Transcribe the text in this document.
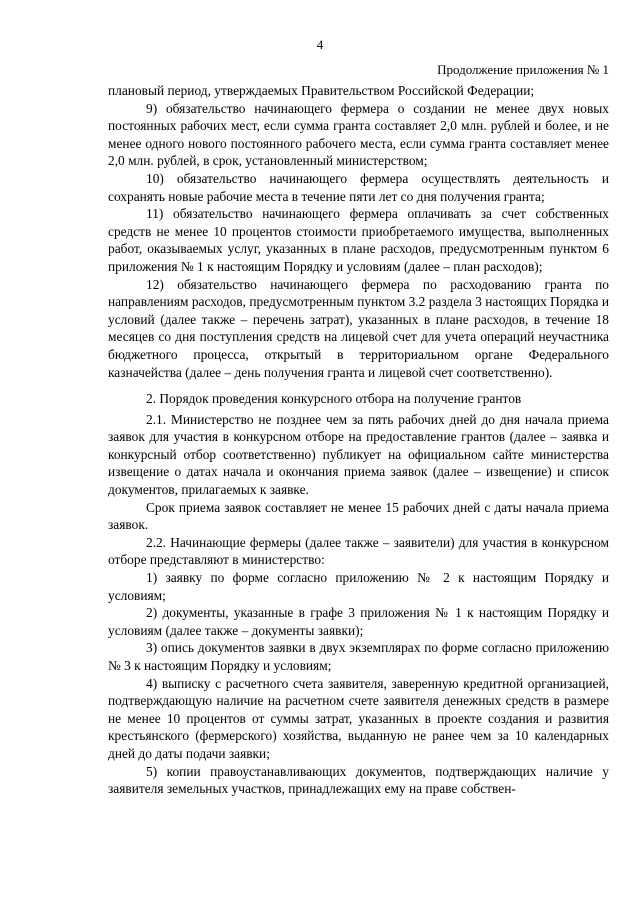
4
Продолжение приложения № 1

плановый период, утверждаемых Правительством Российской Федерации;

9) обязательство начинающего фермера о создании не менее двух новых постоянных рабочих мест, если сумма гранта составляет 2,0 млн. рублей и более, и не менее одного нового постоянного рабочего места, если сумма гранта составляет менее 2,0 млн. рублей, в срок, установленный министерством;

10) обязательство начинающего фермера осуществлять деятельность и сохранять новые рабочие места в течение пяти лет со дня получения гранта;

11) обязательство начинающего фермера оплачивать за счет собственных средств не менее 10 процентов стоимости приобретаемого имущества, выполненных работ, оказываемых услуг, указанных в плане расходов, предусмотренным пунктом 6 приложения № 1 к настоящим Порядку и условиям (далее – план расходов);

12) обязательство начинающего фермера по расходованию гранта по направлениям расходов, предусмотренным пунктом 3.2 раздела 3 настоящих Порядка и условий (далее также – перечень затрат), указанных в плане расходов, в течение 18 месяцев со дня поступления средств на лицевой счет для учета операций неучастника бюджетного процесса, открытый в территориальном органе Федерального казначейства (далее – день получения гранта и лицевой счет соответственно).

2. Порядок проведения конкурсного отбора на получение грантов

2.1. Министерство не позднее чем за пять рабочих дней до дня начала приема заявок для участия в конкурсном отборе на предоставление грантов (далее – заявка и конкурсный отбор соответственно) публикует на официальном сайте министерства извещение о датах начала и окончания приема заявок (далее – извещение) и список документов, прилагаемых к заявке.

Срок приема заявок составляет не менее 15 рабочих дней с даты начала приема заявок.

2.2. Начинающие фермеры (далее также – заявители) для участия в конкурсном отборе представляют в министерство:

1) заявку по форме согласно приложению № 2 к настоящим Порядку и условиям;

2) документы, указанные в графе 3 приложения № 1 к настоящим Порядку и условиям (далее также – документы заявки);

3) опись документов заявки в двух экземплярах по форме согласно приложению № 3 к настоящим Порядку и условиям;

4) выписку с расчетного счета заявителя, заверенную кредитной организацией, подтверждающую наличие на расчетном счете заявителя денежных средств в размере не менее 10 процентов от суммы затрат, указанных в проекте создания и развития крестьянского (фермерского) хозяйства, выданную не ранее чем за 10 календарных дней до даты подачи заявки;

5) копии правоустанавливающих документов, подтверждающих наличие у заявителя земельных участков, принадлежащих ему на праве собствен-
